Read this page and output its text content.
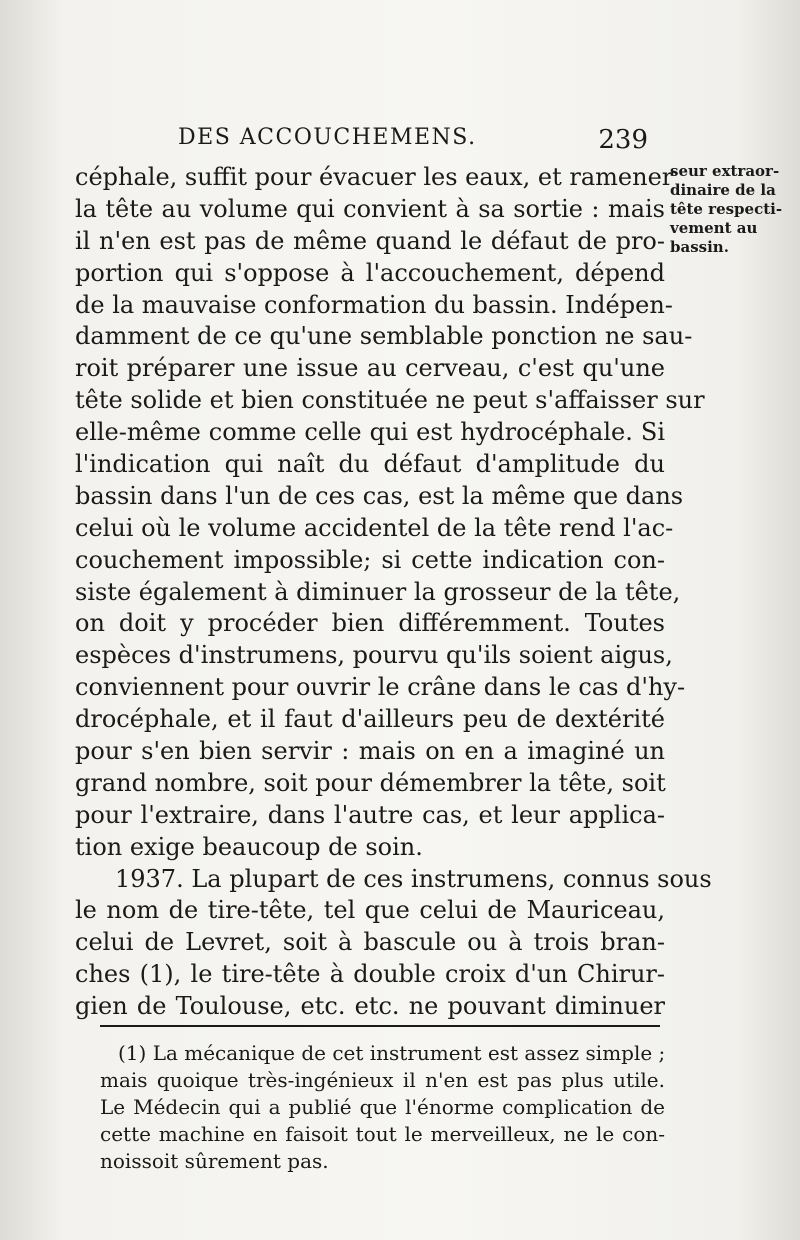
DES ACCOUCHEMENS.	239
céphale, suffit pour évacuer les eaux, et ramener
la tête au volume qui convient à sa sortie : mais
il n'en est pas de même quand le défaut de pro-
portion qui s'oppose à l'accouchement, dépend
de la mauvaise conformation du bassin. Indépen-
damment de ce qu'une semblable ponction ne sau-
roit préparer une issue au cerveau, c'est qu'une
tête solide et bien constituée ne peut s'affaisser sur
elle-même comme celle qui est hydrocéphale. Si
l'indication qui naît du défaut d'amplitude du
bassin dans l'un de ces cas, est la même que dans
celui où le volume accidentel de la tête rend l'ac-
couchement impossible; si cette indication con-
siste également à diminuer la grosseur de la tête,
on doit y procéder bien différemment. Toutes
espèces d'instrumens, pourvu qu'ils soient aigus,
conviennent pour ouvrir le crâne dans le cas d'hy-
drocéphale, et il faut d'ailleurs peu de dextérité
pour s'en bien servir : mais on en a imaginé un
grand nombre, soit pour démembrer la tête, soit
pour l'extraire, dans l'autre cas, et leur applica-
tion exige beaucoup de soin.
1937. La plupart de ces instrumens, connus sous
le nom de tire-tête, tel que celui de Mauriceau,
celui de Levret, soit à bascule ou à trois bran-
ches (1), le tire-tête à double croix d'un Chirur-
gien de Toulouse, etc. etc. ne pouvant diminuer
seur extraor-
dinaire de la
tête respecti-
vement au
bassin.
(1) La mécanique de cet instrument est assez simple ;
mais quoique très-ingénieux il n'en est pas plus utile.
Le Médecin qui a publié que l'énorme complication de
cette machine en faisoit tout le merveilleux, ne le con-
noissoit sûrement pas.
